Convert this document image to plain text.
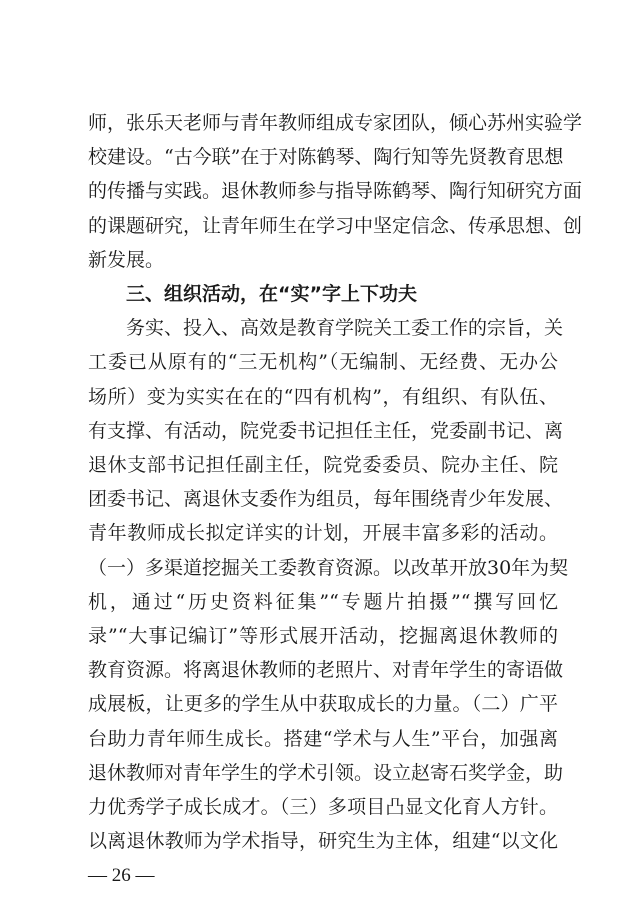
师，张乐天老师与青年教师组成专家团队，倾心苏州实验学
校建设。“古今联”在于对陈鹤琴、陶行知等先贤教育思想
的传播与实践。退休教师参与指导陈鹤琴、陶行知研究方面
的课题研究，让青年师生在学习中坚定信念、传承思想、创
新发展。
三、组织活动，在“实”字上下功夫
务实、投入、高效是教育学院关工委工作的宗旨，关
工委已从原有的“三无机构”（无编制、无经费、无办公
场所）变为实实在在的“四有机构”，有组织、有队伍、
有支撑、有活动，院党委书记担任主任，党委副书记、离
退休支部书记担任副主任，院党委委员、院办主任、院
团委书记、离退休支委作为组员，每年围绕青少年发展、
青年教师成长拟定详实的计划，开展丰富多彩的活动。
（一）多渠道挖掘关工委教育资源。以改革开放30年为契
机，通过“历史资料征集”“专题片拍摄”“撰写回忆
录”“大事记编订”等形式展开活动，挖掘离退休教师的
教育资源。将离退休教师的老照片、对青年学生的寄语做
成展板，让更多的学生从中获取成长的力量。（二）广平
台助力青年师生成长。搭建“学术与人生”平台，加强离
退休教师对青年学生的学术引领。设立赵寄石奖学金，助
力优秀学子成长成才。（三）多项目凸显文化育人方针。
以离退休教师为学术指导，研究生为主体，组建“以文化
— 26 —
